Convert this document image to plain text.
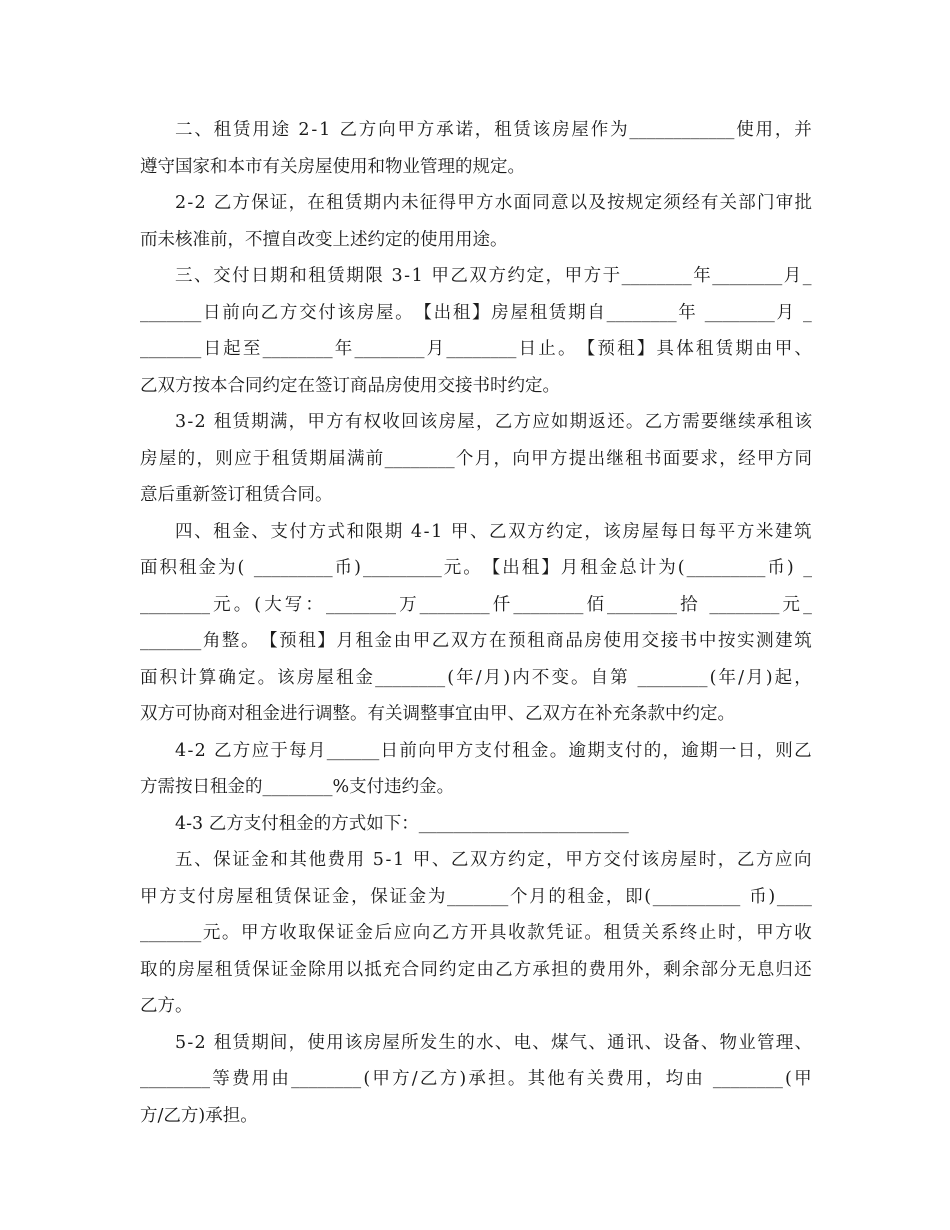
二 、 租 赁 用 途
2 - 1
乙 方 向 甲 方 承 诺 ， 租 赁 该 房 屋 作 为 ____________ 使 用 ， 并
遵守国家和本市有关房屋使用和物业管理的规定。
2 - 2
乙 方 保 证 ， 在 租 赁 期 内 未 征 得 甲 方 水 面 同 意 以 及 按 规 定 须 经 有 关 部 门 审 批
而未核准前，不擅自改变上述约定的使用用途。
三 、 交 付 日 期 和 租 赁 期 限
3 - 1
甲 乙 双 方 约 定 ， 甲 方 于 ________ 年 ________ 月 _
_______ 日 前 向 乙 方 交 付 该 房 屋 。 【 出 租 】 房 屋 租 赁 期 自 ________ 年
________ 月
_
_______ 日 起 至 ________ 年 ________ 月 ________ 日 止 。 【 预 租 】 具 体 租 赁 期 由 甲 、
乙双方按本合同约定在签订商品房使用交接书时约定。
3 - 2
租 赁 期 满 ， 甲 方 有 权 收 回 该 房 屋 ， 乙 方 应 如 期 返 还 。 乙 方 需 要 继 续 承 租 该
房 屋 的 ， 则 应 于 租 赁 期 届 满 前 ________ 个 月 ， 向 甲 方 提 出 继 租 书 面 要 求 ， 经 甲 方 同
意后重新签订租赁合同。
四 、 租 金 、 支 付 方 式 和 限 期
4 - 1
甲 、 乙 双 方 约 定 ， 该 房 屋 每 日 每 平 方 米 建 筑
面 积 租 金 为 (
_________ 币 ) _________ 元 。 【 出 租 】 月 租 金 总 计 为 ( _________ 币 )
_
________ 元 。 ( 大 写 ： ________ 万 ________ 仟 ________ 佰 ________ 拾
________ 元 _
_______ 角 整 。 【 预 租 】 月 租 金 由 甲 乙 双 方 在 预 租 商 品 房 使 用 交 接 书 中 按 实 测 建 筑
面 积 计 算 确 定 。 该 房 屋 租 金 ________ ( 年 / 月 ) 内 不 变 。 自 第
________ ( 年 / 月 ) 起 ，
双方可协商对租金进行调整。有关调整事宜由甲、乙双方在补充条款中约定。
4 - 2
乙 方 应 于 每 月 ______ 日 前 向 甲 方 支 付 租 金 。 逾 期 支 付 的 ， 逾 期 一 日 ， 则 乙
方需按日租金的________%支付违约金。
4-3 乙方支付租金的方式如下：________________________
五 、 保 证 金 和 其 他 费 用
5 - 1
甲 、 乙 双 方 约 定 ， 甲 方 交 付 该 房 屋 时 ， 乙 方 应 向
甲 方 支 付 房 屋 租 赁 保 证 金 ， 保 证 金 为 _______ 个 月 的 租 金 ， 即 ( __________
币 ) ____
_______ 元 。 甲 方 收 取 保 证 金 后 应 向 乙 方 开 具 收 款 凭 证 。 租 赁 关 系 终 止 时 ， 甲 方 收
取 的 房 屋 租 赁 保 证 金 除 用 以 抵 充 合 同 约 定 由 乙 方 承 担 的 费 用 外 ， 剩 余 部 分 无 息 归 还
乙方。
5 - 2
租 赁 期 间 ， 使 用 该 房 屋 所 发 生 的 水 、 电 、 煤 气 、 通 讯 、 设 备 、 物 业 管 理 、
________ 等 费 用 由 ________ ( 甲 方 / 乙 方 ) 承 担 。 其 他 有 关 费 用 ， 均 由
________ ( 甲
方/乙方)承担。
